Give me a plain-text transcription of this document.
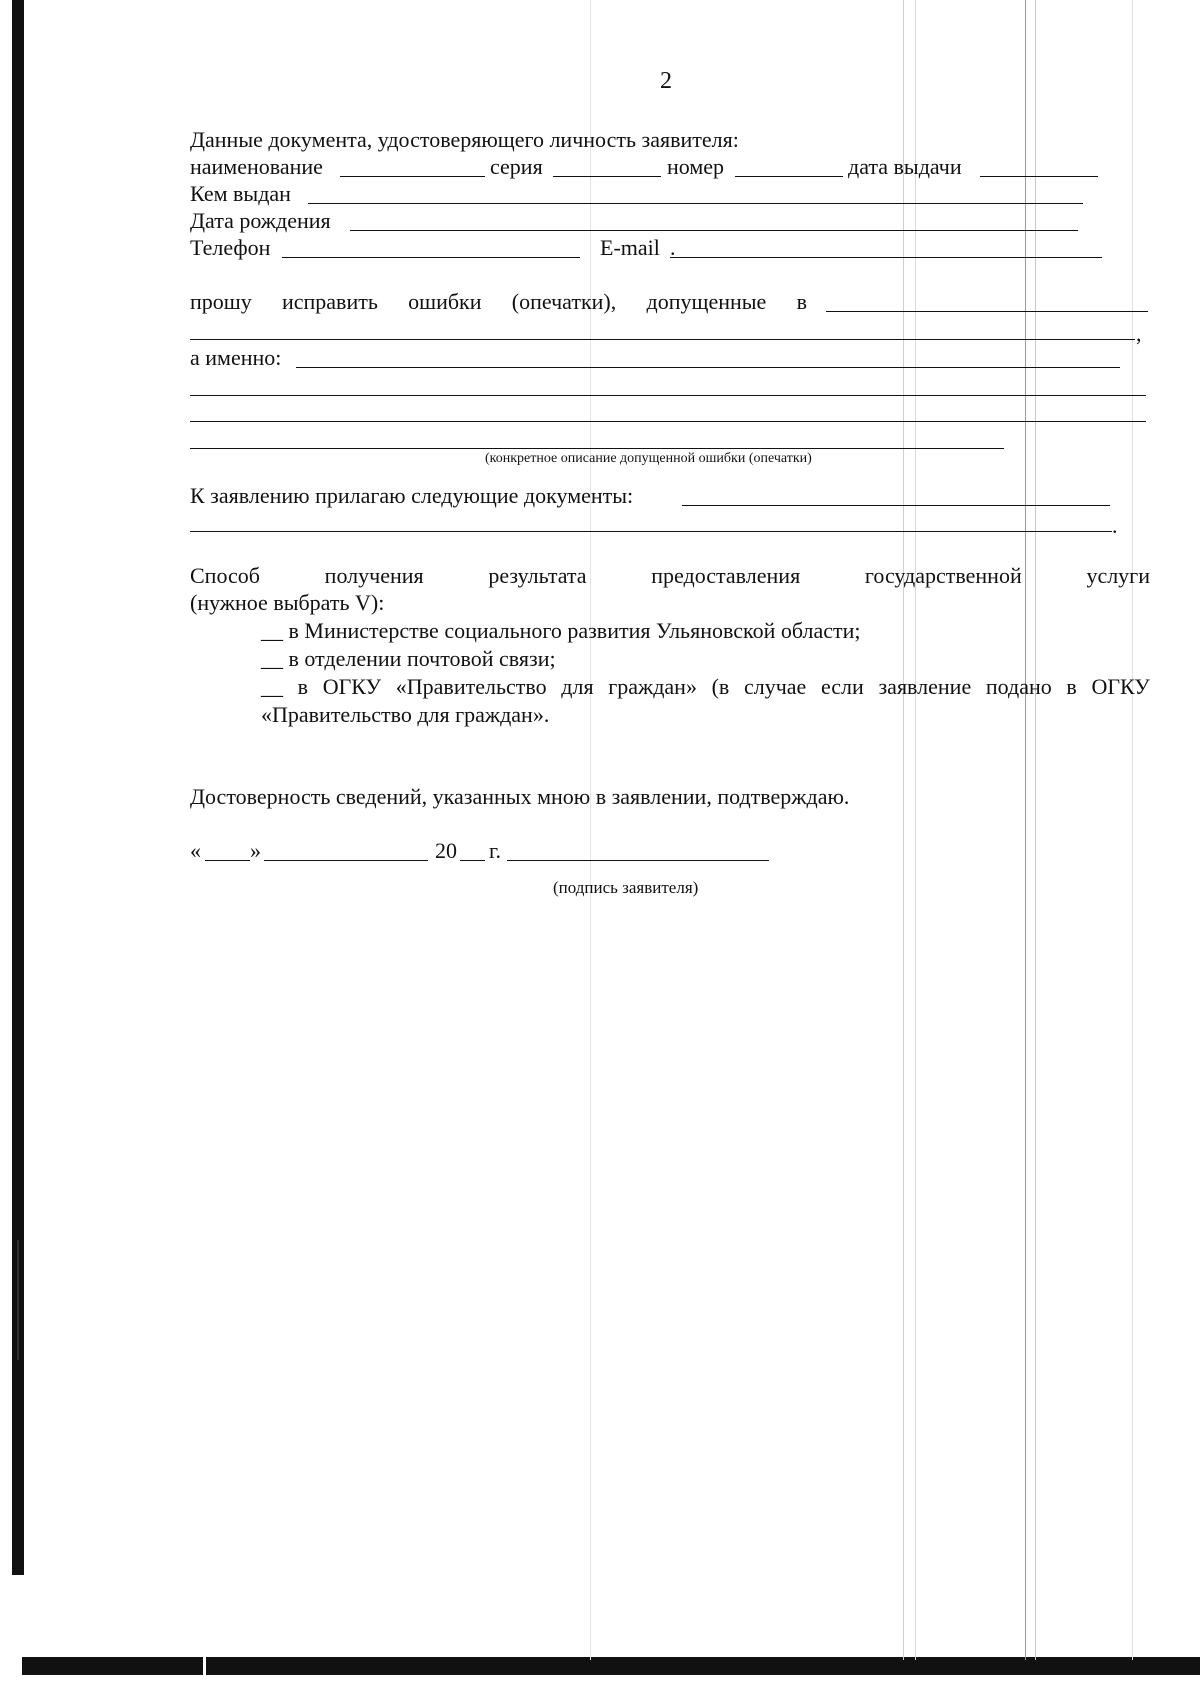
2
Данные документа, удостоверяющего личность заявителя:
наименование	серия	номер	дата выдачи
Кем выдан
Дата рождения
Телефон	E-mail .
прошу исправить ошибки (опечатки), допущенные в
,
а именно:
(конкретное описание допущенной ошибки (опечатки)
К заявлению прилагаю следующие документы:
.
Способ	получения	результата	предоставления	государственной	услуги
(нужное выбрать V):
__ в Министерстве социального развития Ульяновской области;
__ в отделении почтовой связи;
__ в ОГКУ «Правительство для граждан» (в случае если заявление подано в ОГКУ
«Правительство для граждан».
Достоверность сведений, указанных мною в заявлении, подтверждаю.
« »	20 г.
(подпись заявителя)
